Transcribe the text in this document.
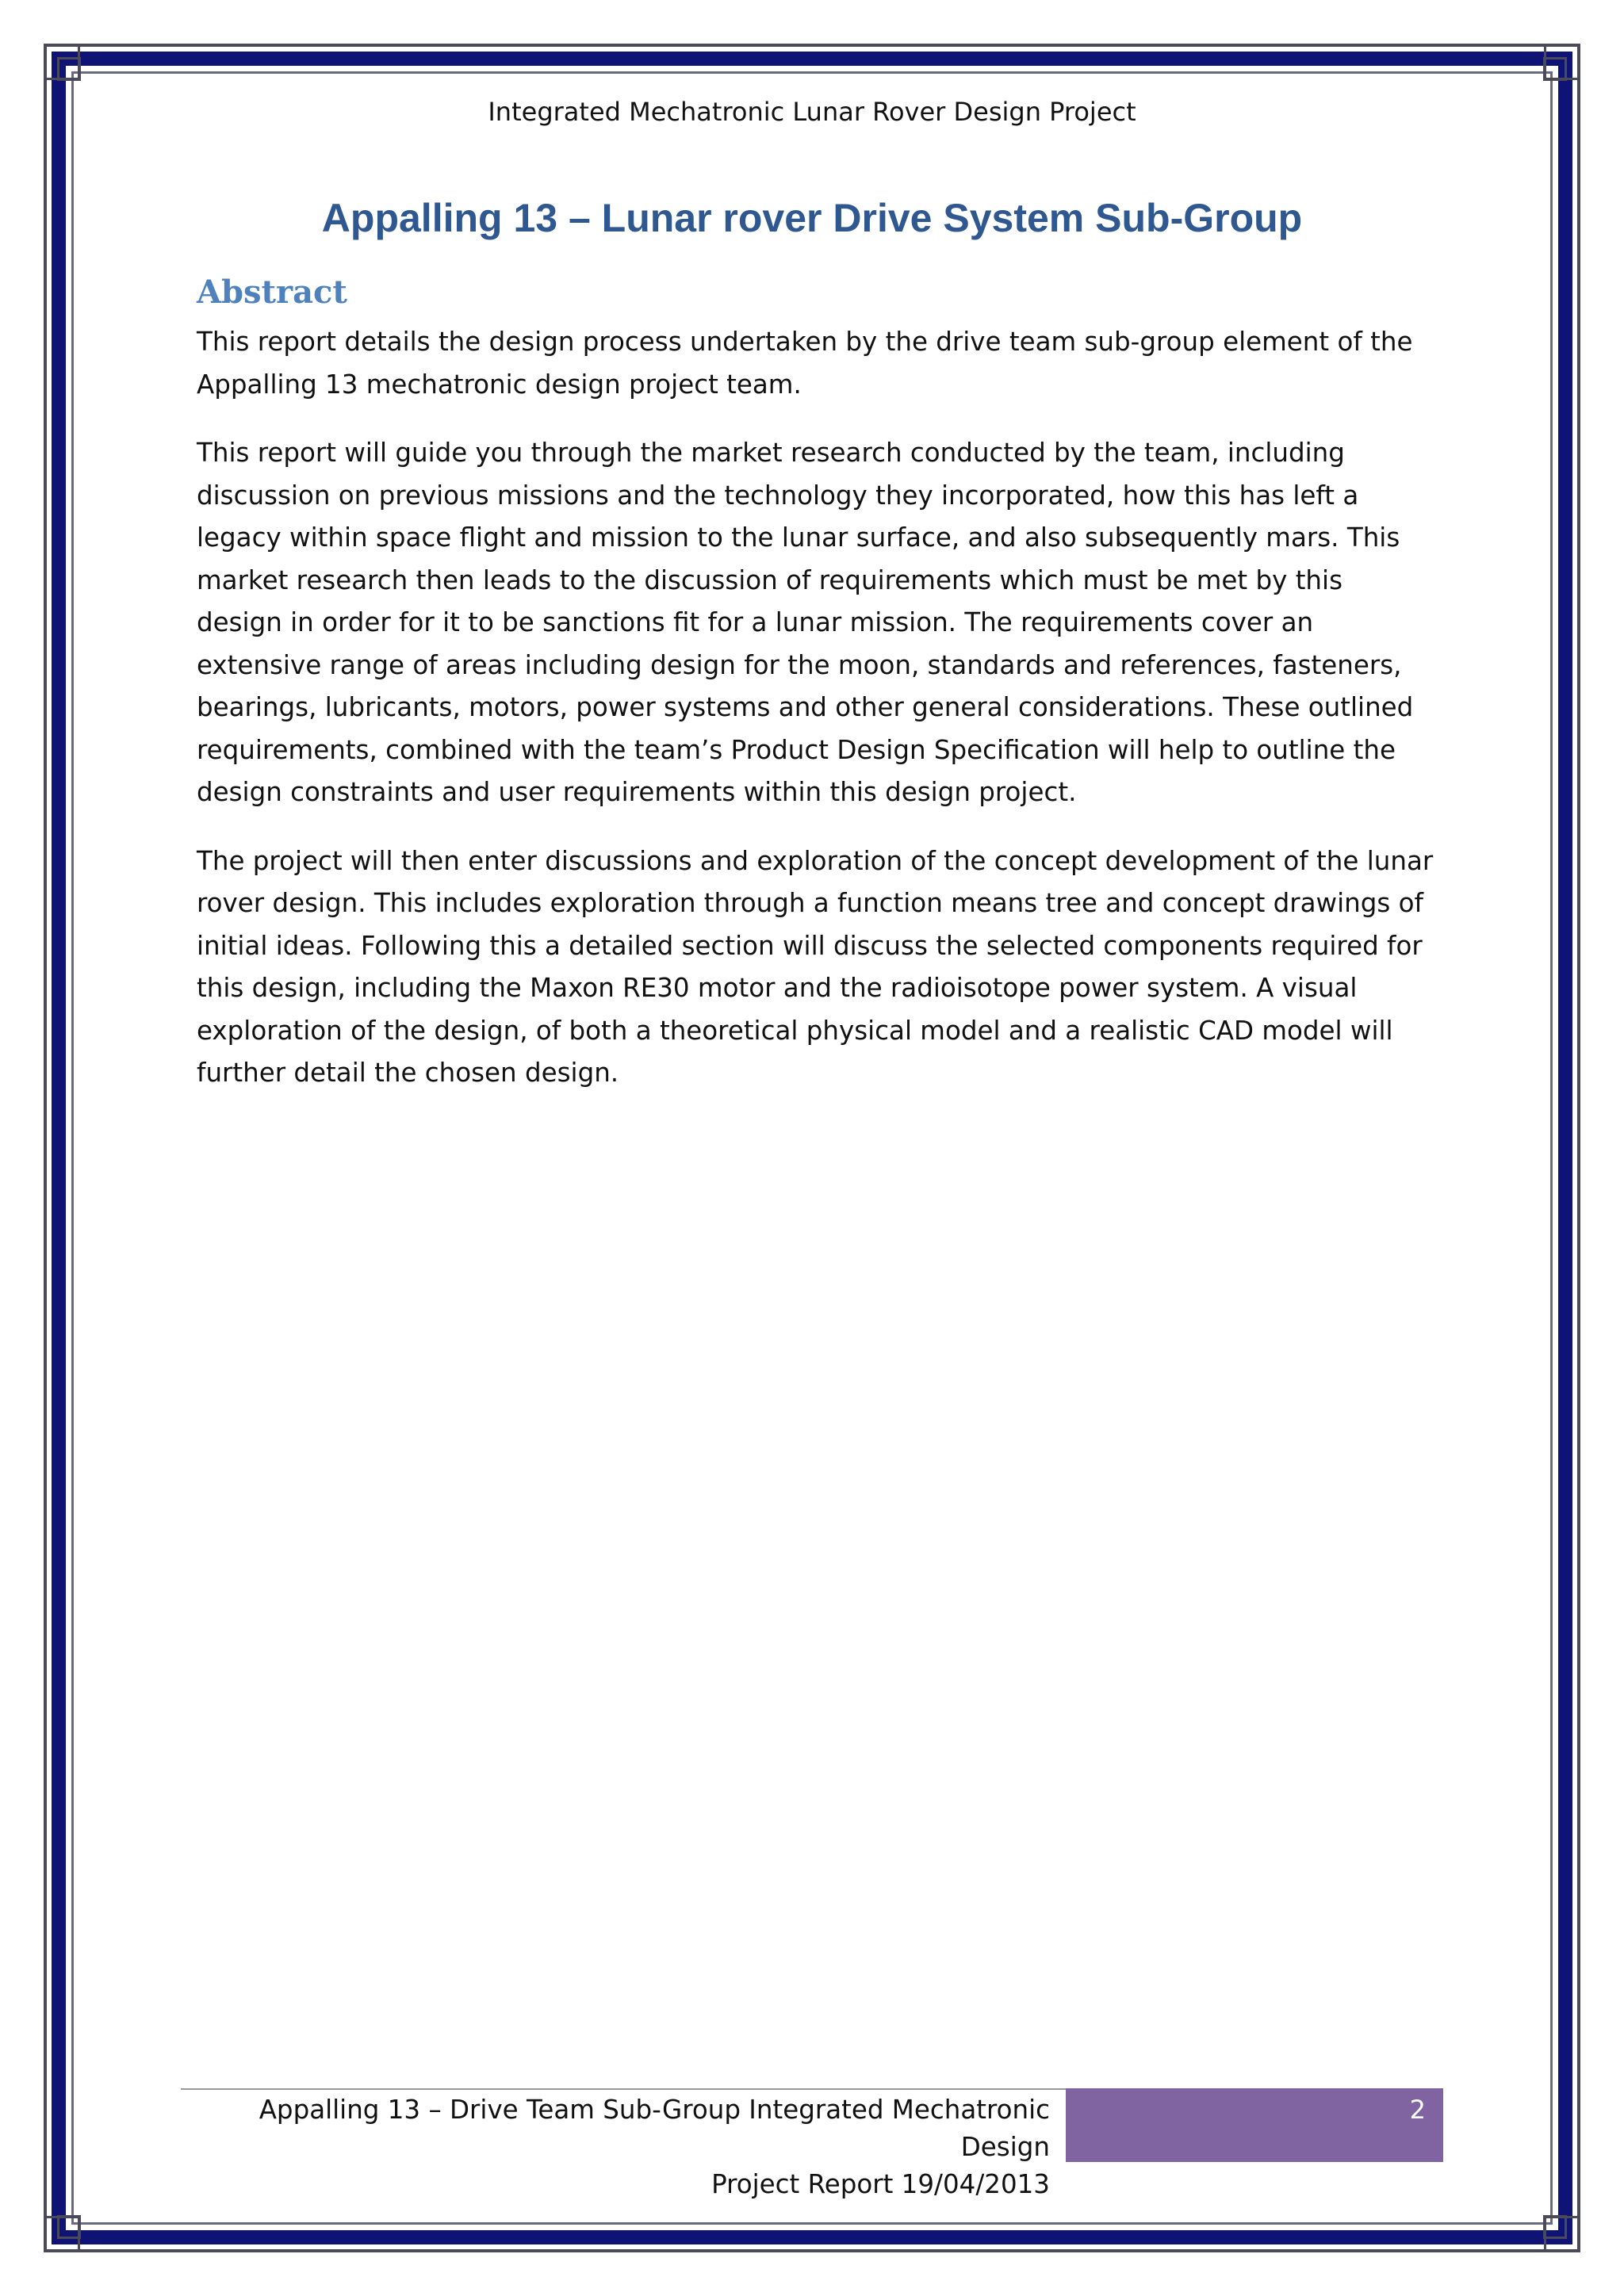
Integrated Mechatronic Lunar Rover Design Project
Appalling 13 – Lunar rover Drive System Sub-Group
Abstract

This report details the design process undertaken by the drive team sub-group element of the Appalling 13 mechatronic design project team.

This report will guide you through the market research conducted by the team, including discussion on previous missions and the technology they incorporated, how this has left a legacy within space flight and mission to the lunar surface, and also subsequently mars. This market research then leads to the discussion of requirements which must be met by this design in order for it to be sanctions fit for a lunar mission. The requirements cover an extensive range of areas including design for the moon, standards and references, fasteners, bearings, lubricants, motors, power systems and other general considerations. These outlined requirements, combined with the team’s Product Design Specification will help to outline the design constraints and user requirements within this design project.

The project will then enter discussions and exploration of the concept development of the lunar rover design. This includes exploration through a function means tree and concept drawings of initial ideas. Following this a detailed section will discuss the selected components required for this design, including the Maxon RE30 motor and the radioisotope power system. A visual exploration of the design, of both a theoretical physical model and a realistic CAD model will further detail the chosen design.

Appalling 13 – Drive Team Sub-Group Integrated Mechatronic Design
Project Report 19/04/2013
2
